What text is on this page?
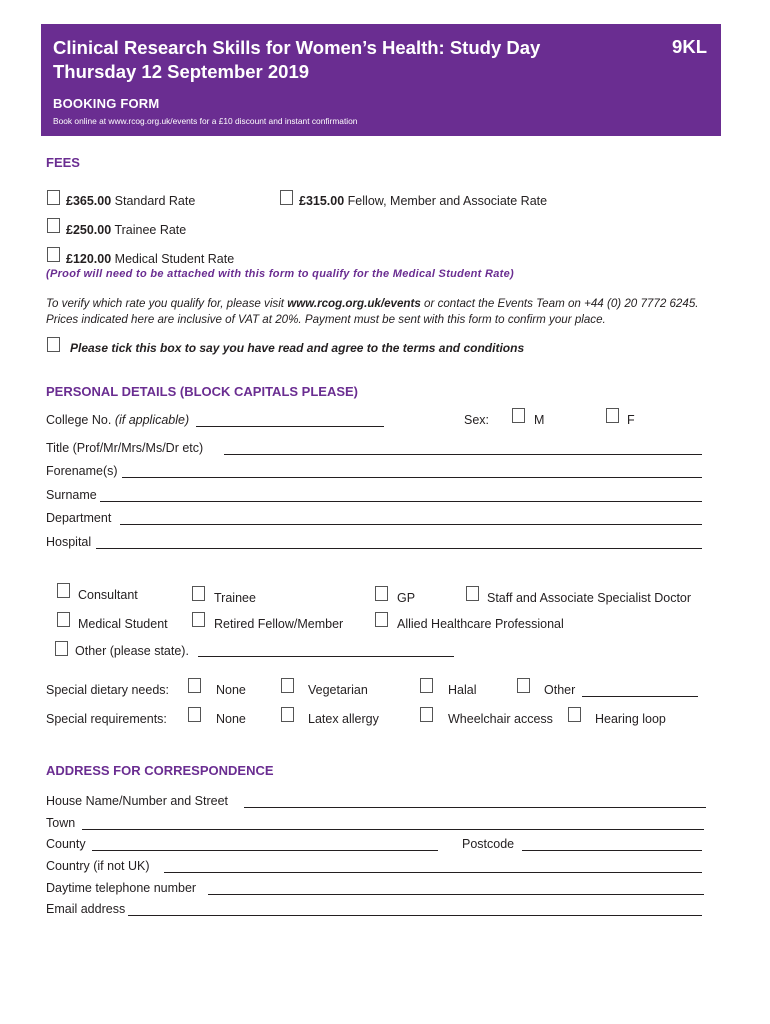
Clinical Research Skills for Women’s Health: Study Day
Thursday 12 September 2019
9KL
BOOKING FORM
Book online at www.rcog.org.uk/events for a £10 discount and instant confirmation
FEES
£365.00 Standard Rate	£315.00 Fellow, Member and Associate Rate
£250.00 Trainee Rate
£120.00 Medical Student Rate
(Proof will need to be attached with this form to qualify for the Medical Student Rate)
To verify which rate you qualify for, please visit www.rcog.org.uk/events or contact the Events Team on +44 (0) 20 7772 6245. Prices indicated here are inclusive of VAT at 20%. Payment must be sent with this form to confirm your place.
Please tick this box to say you have read and agree to the terms and conditions
PERSONAL DETAILS (BLOCK CAPITALS PLEASE)
College No. (if applicable)	Sex:	M	F
Title (Prof/Mr/Mrs/Ms/Dr etc)
Forename(s)
Surname
Department
Hospital
Consultant	Trainee	GP	Staff and Associate Specialist Doctor
Medical Student	Retired Fellow/Member	Allied Healthcare Professional
Other (please state).
Special dietary needs:	None	Vegetarian	Halal	Other
Special requirements:	None	Latex allergy	Wheelchair access	Hearing loop
ADDRESS FOR CORRESPONDENCE
House Name/Number and Street
Town
County	Postcode
Country (if not UK)
Daytime telephone number
Email address
